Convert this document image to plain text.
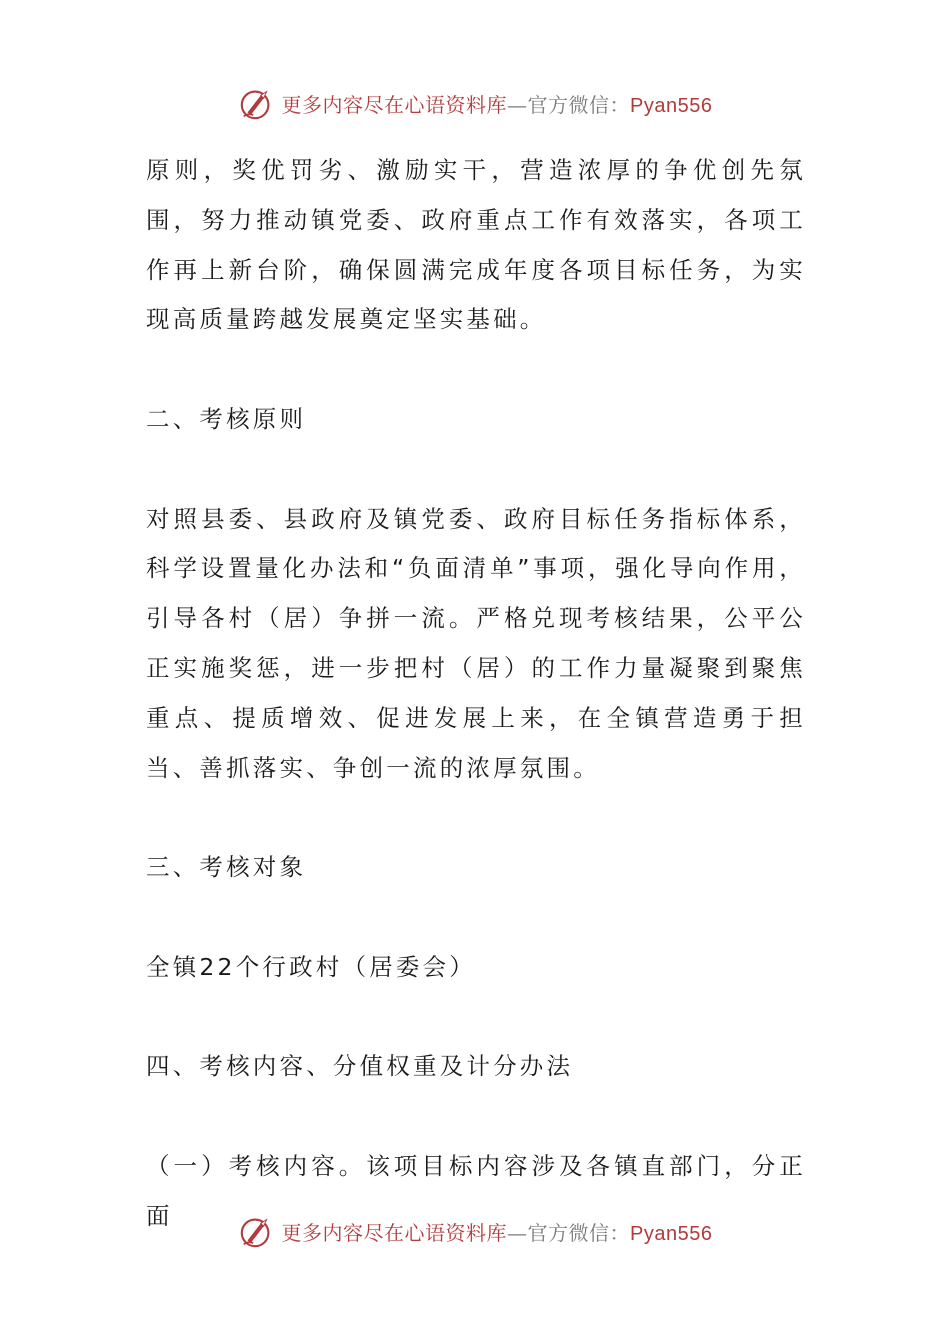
更多内容尽在心语资料库—官方微信：Pyan556

原则，奖优罚劣、激励实干，营造浓厚的争优创先氛围，努力推动镇党委、政府重点工作有效落实，各项工作再上新台阶，确保圆满完成年度各项目标任务，为实现高质量跨越发展奠定坚实基础。

二、考核原则

对照县委、县政府及镇党委、政府目标任务指标体系，科学设置量化办法和“负面清单”事项，强化导向作用，引导各村（居）争拼一流。严格兑现考核结果，公平公正实施奖惩，进一步把村（居）的工作力量凝聚到聚焦重点、提质增效、促进发展上来，在全镇营造勇于担当、善抓落实、争创一流的浓厚氛围。

三、考核对象

全镇22个行政村（居委会）

四、考核内容、分值权重及计分办法

（一）考核内容。该项目标内容涉及各镇直部门，分正面

更多内容尽在心语资料库—官方微信：Pyan556
